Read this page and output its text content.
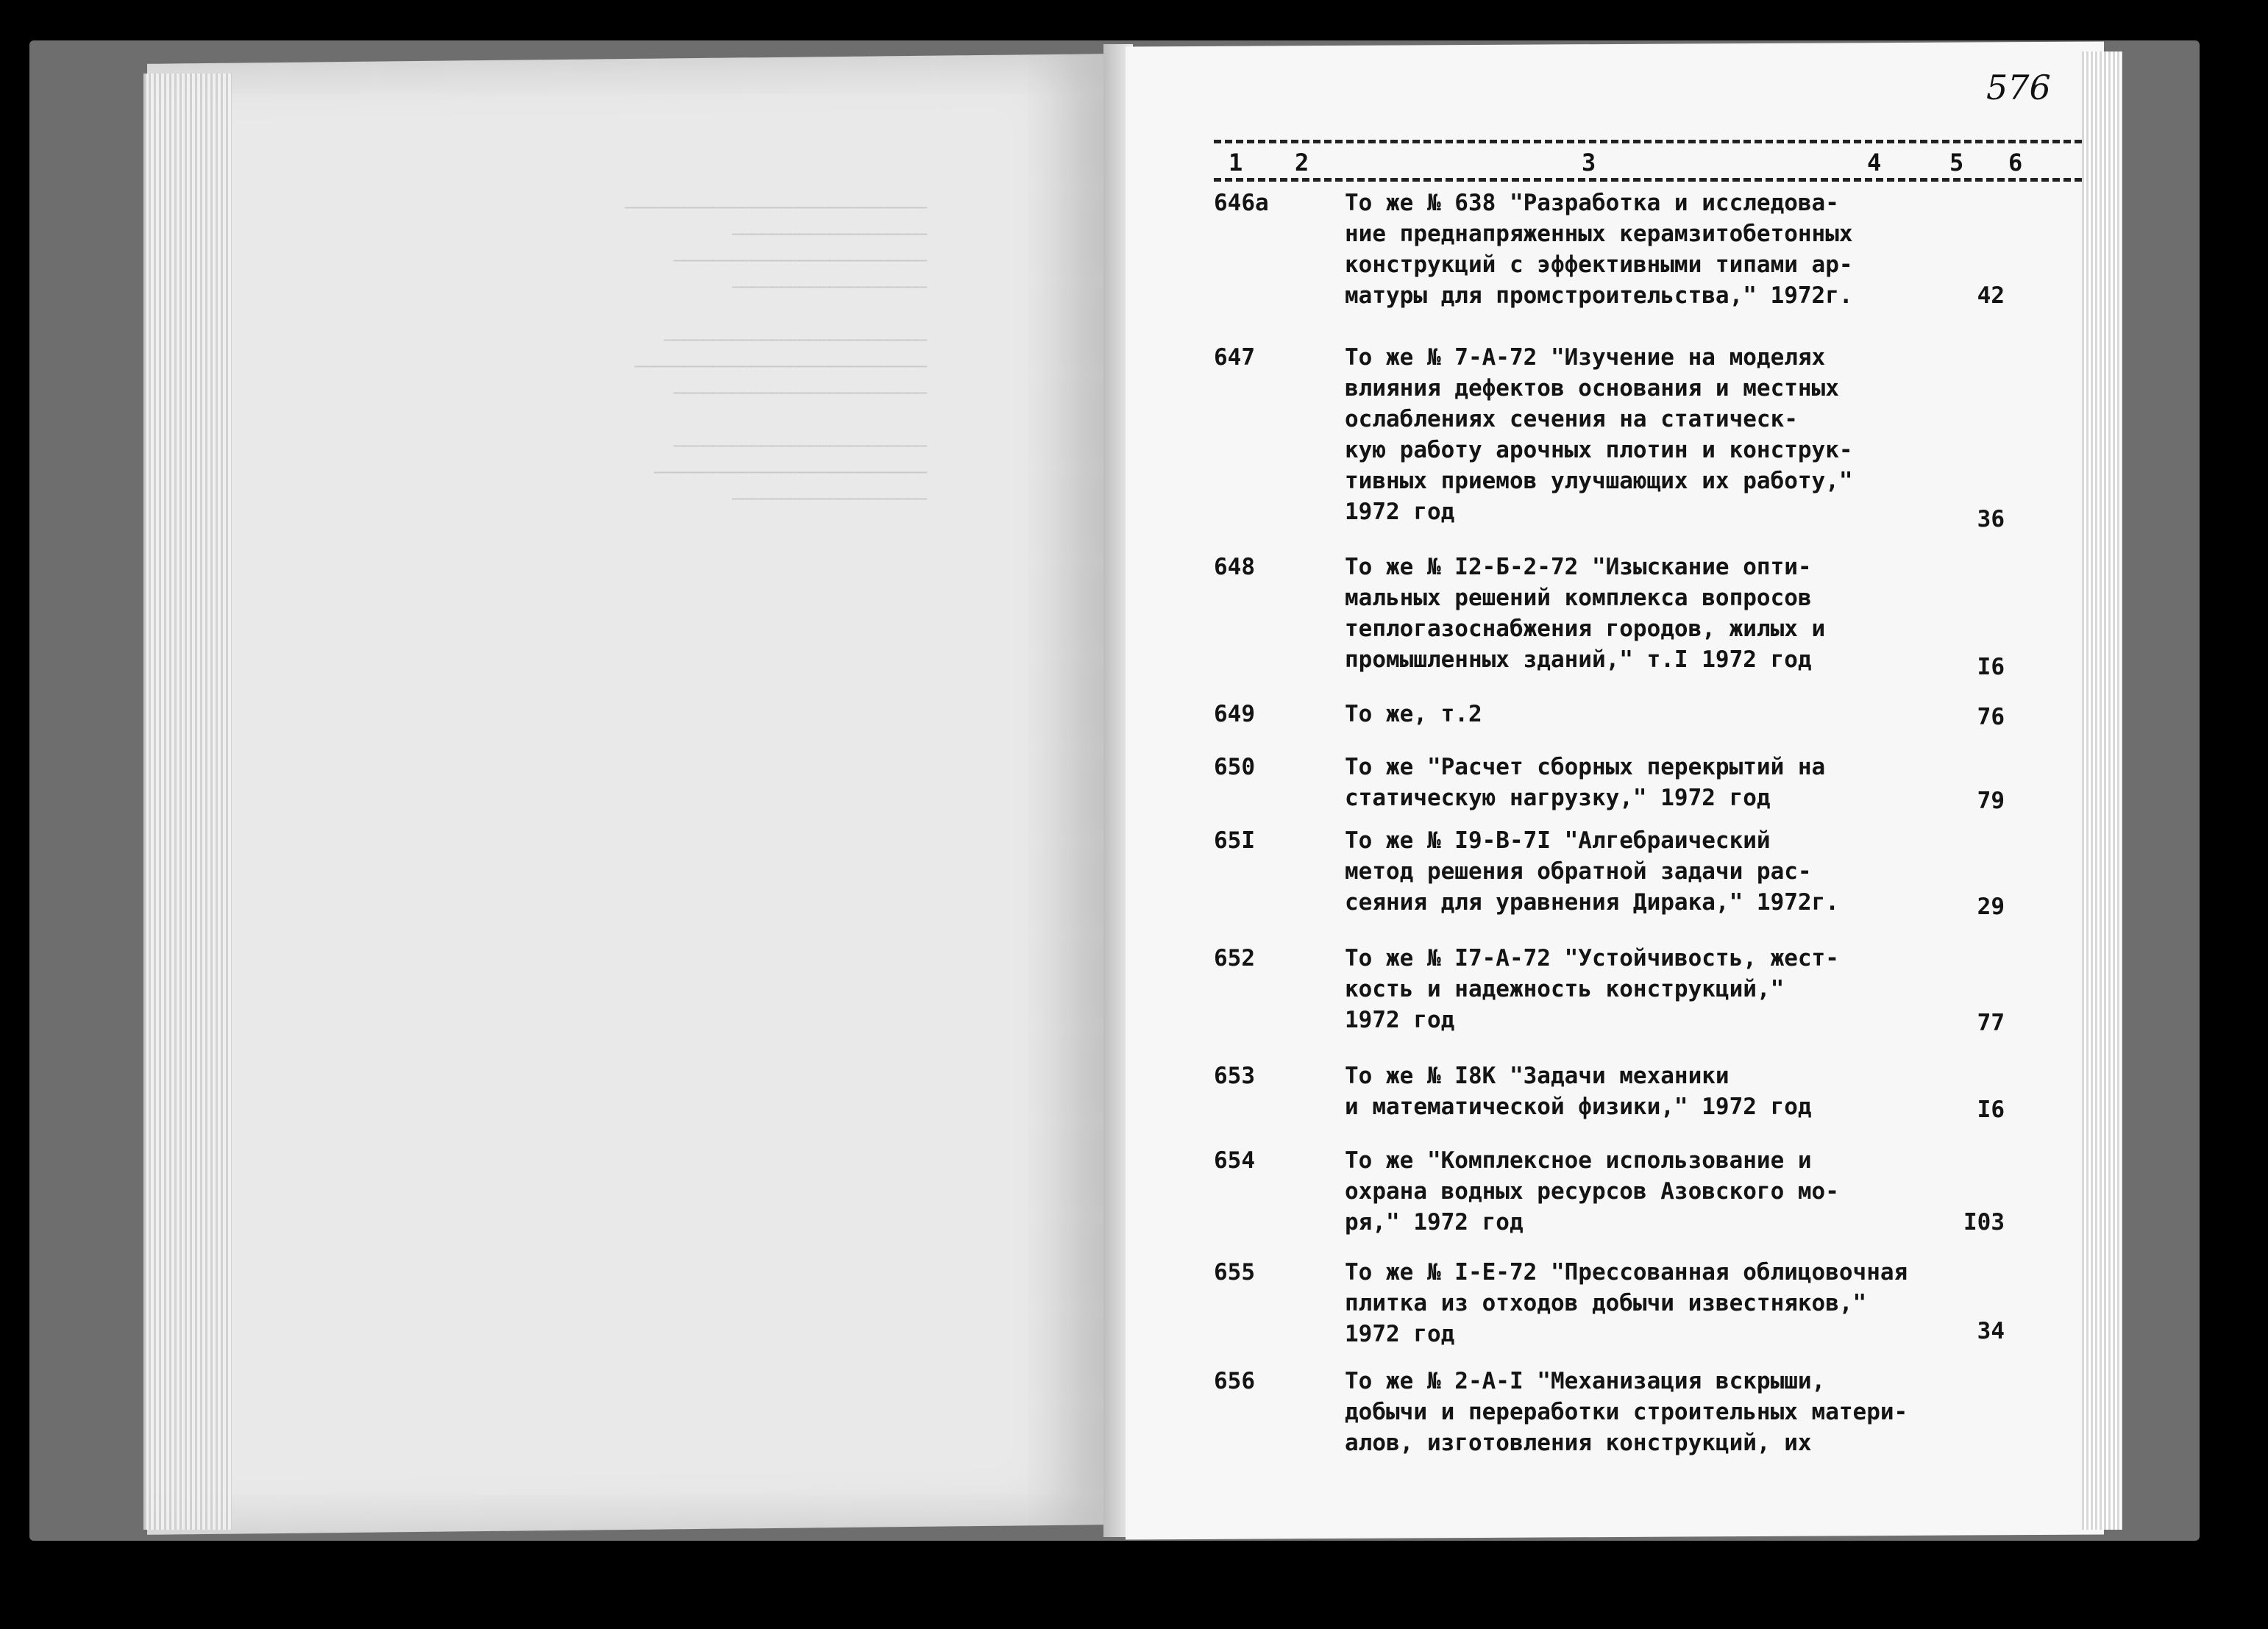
───────────────────────────────
────────────────────
──────────────────────────
────────────────────

───────────────────────────
──────────────────────────────
──────────────────────────

──────────────────────────
────────────────────────────
────────────────────

576
1 2	3	4	5 6
646а	То же № 638 "Разработка и исследова-
ние преднапряженных керамзитобетонных
конструкций с эффективными типами ар-
матуры для промстроительства," 1972г.	42
647	То же № 7-А-72 "Изучение на моделях
влияния дефектов основания и местных
ослаблениях сечения на статическ-
кую работу арочных плотин и конструк-
тивных приемов улучшающих их работу,"
1972 год	36
648	То же № I2-Б-2-72 "Изыскание опти-
мальных решений комплекса вопросов
теплогазоснабжения городов, жилых и
промышленных зданий," т.I 1972 год	I6
649	То же, т.2	76
650	То же "Расчет сборных перекрытий на
статическую нагрузку," 1972 год	79
65I	То же № I9-В-7I "Алгебраический
метод решения обратной задачи рас-
сеяния для уравнения Дирака," 1972г.	29
652	То же № I7-А-72 "Устойчивость, жест-
кость и надежность конструкций,"
1972 год	77
653	То же № I8К "Задачи механики
и математической физики," 1972 год	I6
654	То же "Комплексное использование и
охрана водных ресурсов Азовского мо-
ря," 1972 год	I03
655	То же № I-Е-72 "Прессованная облицовочная
плитка из отходов добычи известняков,"
1972 год	34
656	То же № 2-А-I "Механизация вскрыши,
добычи и переработки строительных матери-
алов, изготовления конструкций, их
